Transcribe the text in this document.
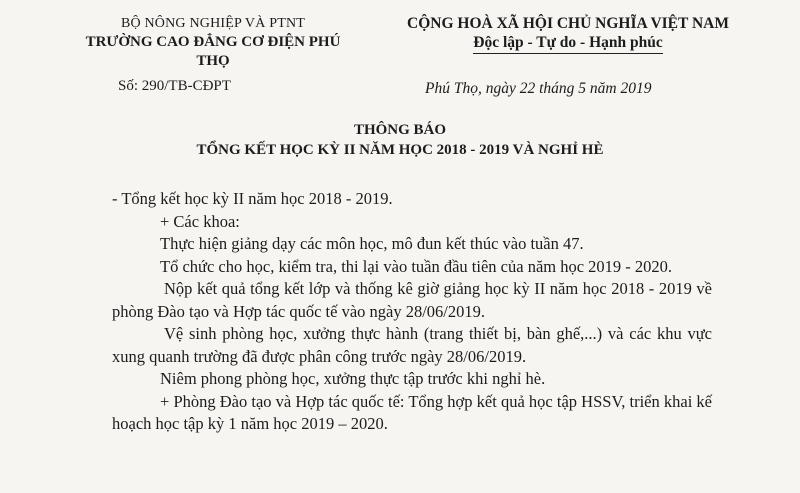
BỘ NÔNG NGHIỆP VÀ PTNT
TRƯỜNG CAO ĐẲNG CƠ ĐIỆN PHÚ THỌ
CỘNG HOÀ XÃ HỘI CHỦ NGHĨA VIỆT NAM
Độc lập - Tự do - Hạnh phúc
Số: 290/TB-CĐPT	Phú Thọ, ngày 22 tháng 5 năm 2019
THÔNG BÁO
TỔNG KẾT HỌC KỲ II NĂM HỌC 2018 - 2019 VÀ NGHỈ HÈ

- Tổng kết học kỳ II năm học 2018 - 2019.

+ Các khoa:

Thực hiện giảng dạy các môn học, mô đun kết thúc vào tuần 47.

Tổ chức cho học, kiểm tra, thi lại vào tuần đầu tiên của năm học 2019 - 2020.

Nộp kết quả tổng kết lớp và thống kê giờ giảng học kỳ II năm học 2018 - 2019 về phòng Đào tạo và Hợp tác quốc tế vào ngày 28/06/2019.

Vệ sinh phòng học, xưởng thực hành (trang thiết bị, bàn ghế,...) và các khu vực xung quanh trường đã được phân công trước ngày 28/06/2019.

Niêm phong phòng học, xưởng thực tập trước khi nghỉ hè.

+ Phòng Đào tạo và Hợp tác quốc tế: Tổng hợp kết quả học tập HSSV, triển khai kế hoạch học tập kỳ 1 năm học 2019 – 2020.
